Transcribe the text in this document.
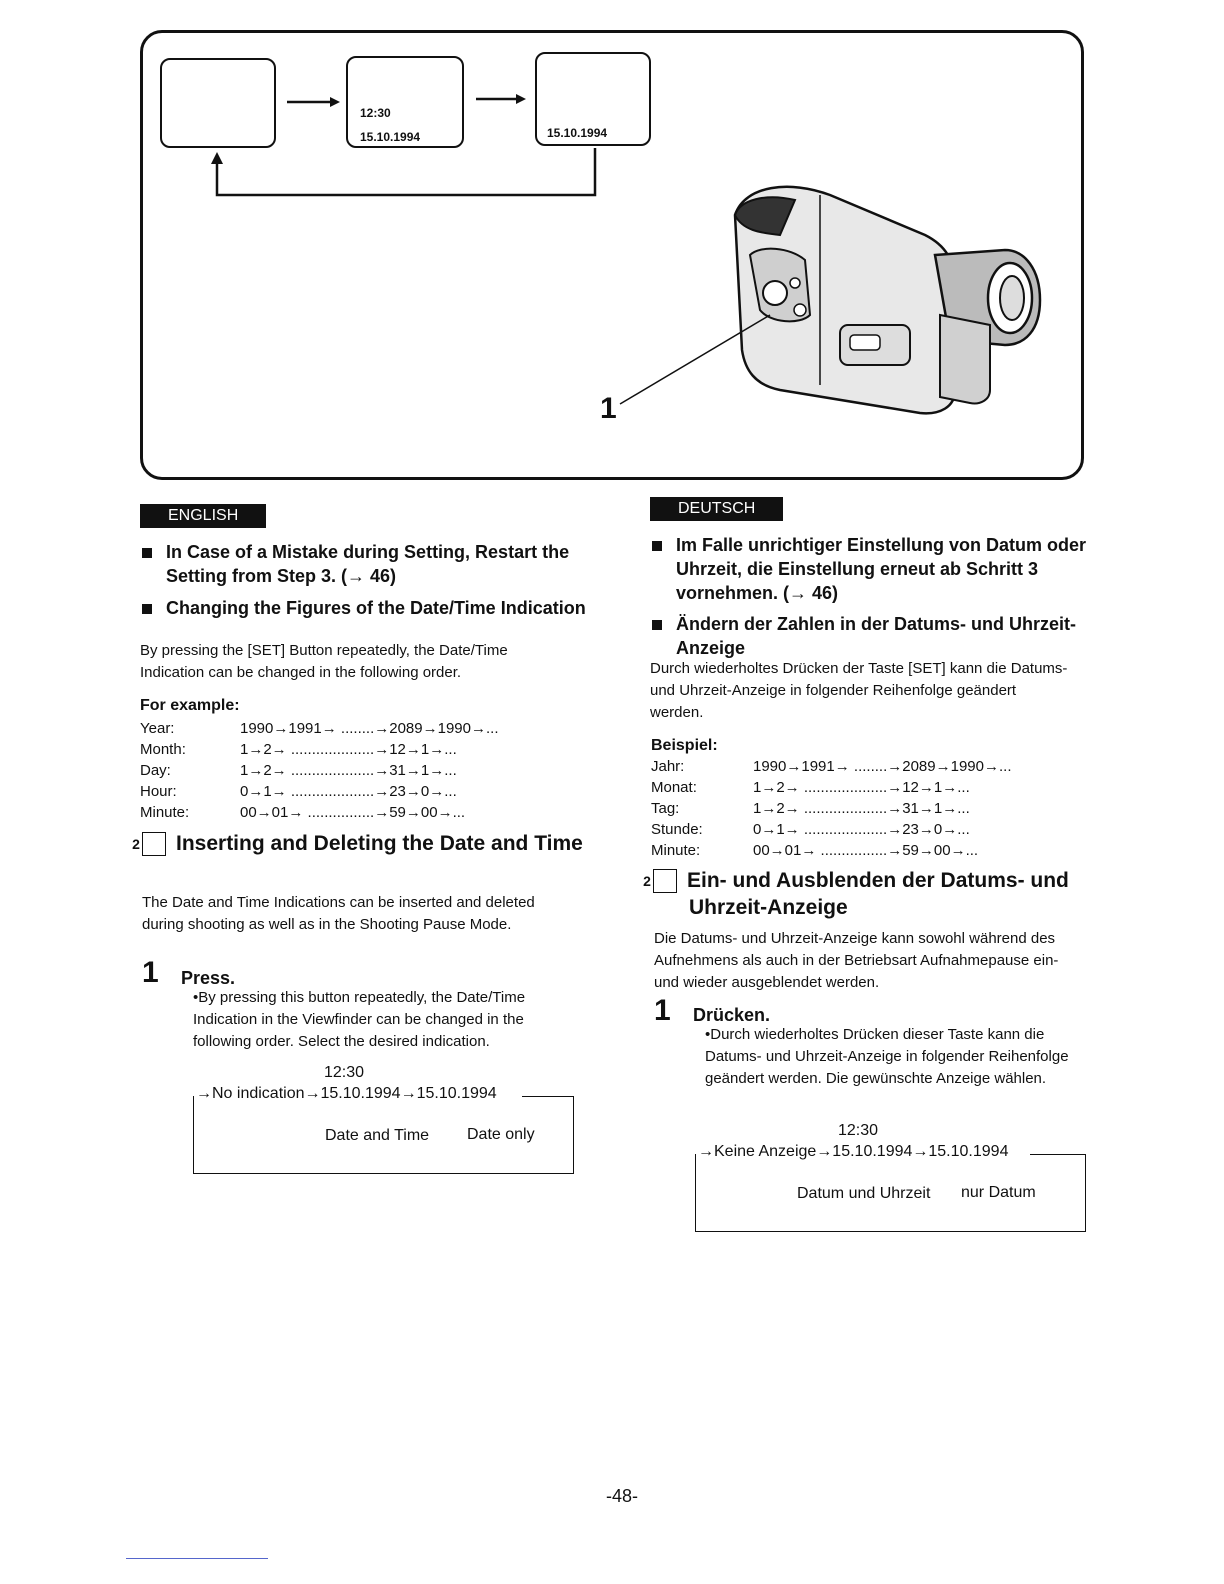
12:30
15.10.1994	15.10.1994
1
ENGLISH
In Case of a Mistake during Setting, Restart the Setting from Step 3. (→ 46)
Changing the Figures of the Date/Time Indication
By pressing the [SET] Button repeatedly, the Date/Time Indication can be changed in the following order.
For example:
Year:	1990→1991→ ........→2089→1990→...
Month:	1→2→ ....................→12→1→...
Day:	1→2→ ....................→31→1→...
Hour:	0→1→ ....................→23→0→...
Minute:	00→01→ ................→59→00→...
2 Inserting and Deleting the Date and Time
The Date and Time Indications can be inserted and deleted during shooting as well as in the Shooting Pause Mode.
1 Press.
•By pressing this button repeatedly, the Date/Time Indication in the Viewfinder can be changed in the following order. Select the desired indication.
12:30
→No indication→15.10.1994→15.10.1994
Date and Time Date only
DEUTSCH
Im Falle unrichtiger Einstellung von Datum oder Uhrzeit, die Einstellung erneut ab Schritt 3 vornehmen. (→ 46)
Ändern der Zahlen in der Datums- und Uhrzeit-Anzeige
Durch wiederholtes Drücken der Taste [SET] kann die Datums- und Uhrzeit-Anzeige in folgender Reihenfolge geändert werden.
Beispiel:
Jahr:	1990→1991→ ........→2089→1990→...
Monat:	1→2→ ....................→12→1→...
Tag:	1→2→ ....................→31→1→...
Stunde:	0→1→ ....................→23→0→...
Minute:	00→01→ ................→59→00→...
2 Ein- und Ausblenden der Datums- und Uhrzeit-Anzeige
Die Datums- und Uhrzeit-Anzeige kann sowohl während des Aufnehmens als auch in der Betriebsart Aufnahmepause ein- und wieder ausgeblendet werden.
1 Drücken.
•Durch wiederholtes Drücken dieser Taste kann die Datums- und Uhrzeit-Anzeige in folgender Reihenfolge geändert werden. Die gewünschte Anzeige wählen.
12:30
→Keine Anzeige→15.10.1994→15.10.1994
Datum und Uhrzeit nur Datum
-48-
